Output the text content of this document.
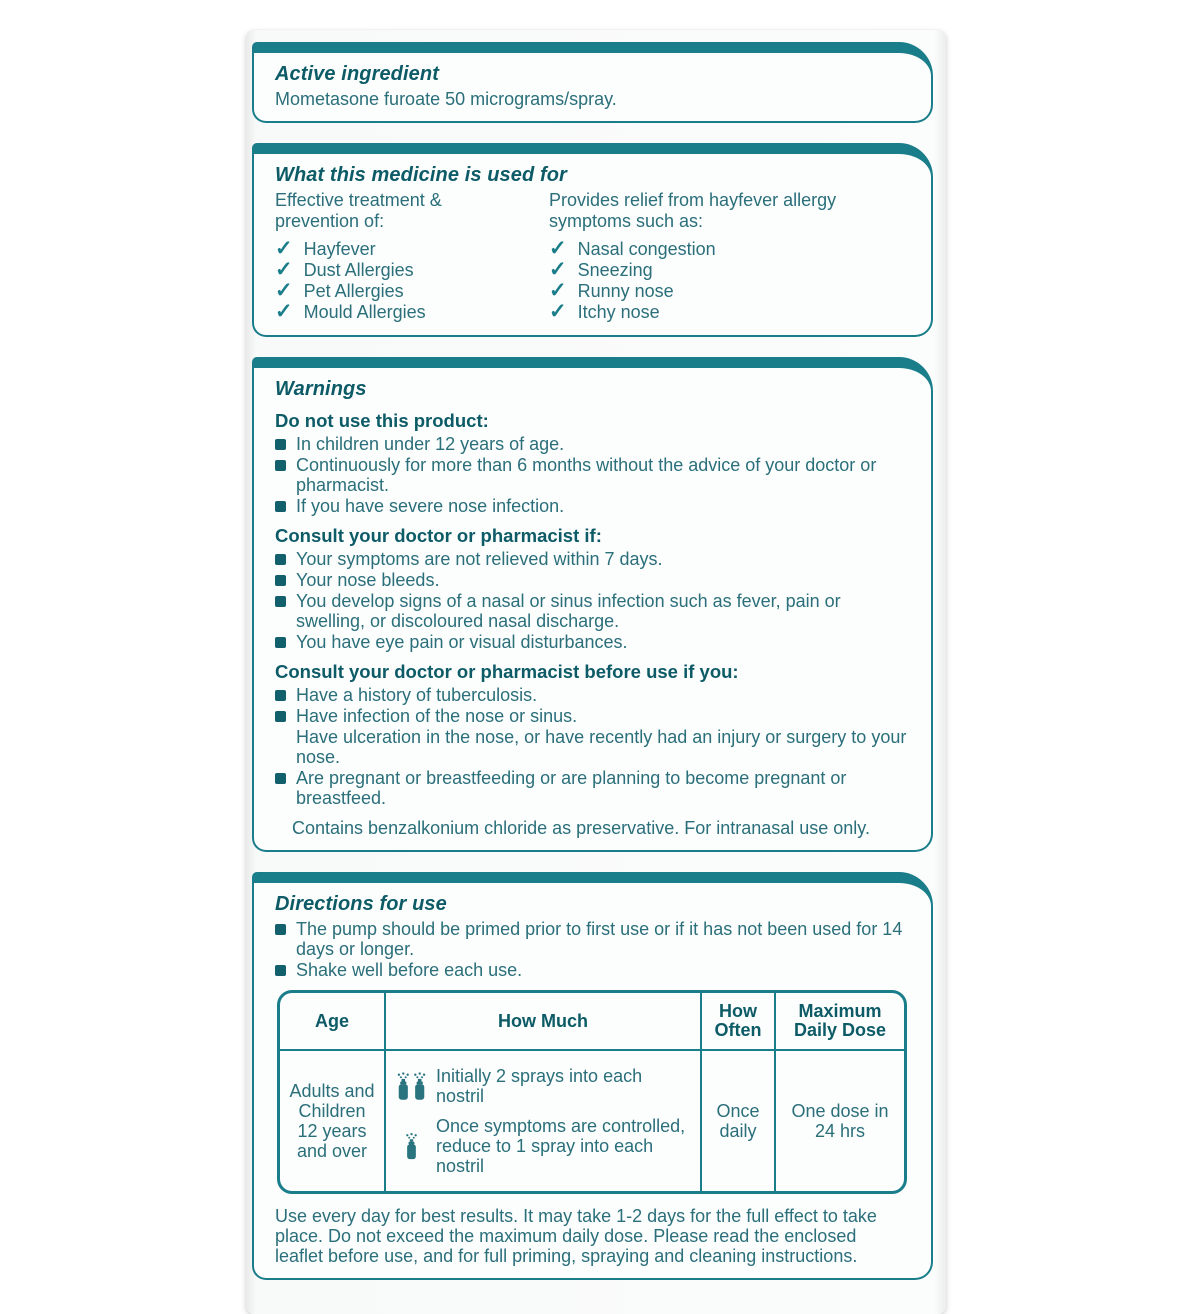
Active ingredient
Mometasone furoate 50 micrograms/spray.
What this medicine is used for
Effective treatment & prevention of:
✓ Hayfever
✓ Dust Allergies
✓ Pet Allergies
✓ Mould Allergies
Provides relief from hayfever allergy symptoms such as:
✓ Nasal congestion
✓ Sneezing
✓ Runny nose
✓ Itchy nose
Warnings
Do not use this product:
In children under 12 years of age.
Continuously for more than 6 months without the advice of your doctor or pharmacist.
If you have severe nose infection.
Consult your doctor or pharmacist if:
Your symptoms are not relieved within 7 days.
Your nose bleeds.
You develop signs of a nasal or sinus infection such as fever, pain or swelling, or discoloured nasal discharge.
You have eye pain or visual disturbances.
Consult your doctor or pharmacist before use if you:
Have a history of tuberculosis.
Have infection of the nose or sinus.
Have ulceration in the nose, or have recently had an injury or surgery to your nose.
Are pregnant or breastfeeding or are planning to become pregnant or breastfeed.
Contains benzalkonium chloride as preservative. For intranasal use only.
Directions for use
The pump should be primed prior to first use or if it has not been used for 14 days or longer.
Shake well before each use.
Age	How Much	How Often
Maximum Daily Dose
Adults and Children 12 years and over
Initially 2 sprays into each nostril
Once symptoms are controlled, reduce to 1 spray into each nostril
Once daily
One dose in 24 hrs
Use every day for best results. It may take 1-2 days for the full effect to take place. Do not exceed the maximum daily dose. Please read the enclosed leaflet before use, and for full priming, spraying and cleaning instructions.
